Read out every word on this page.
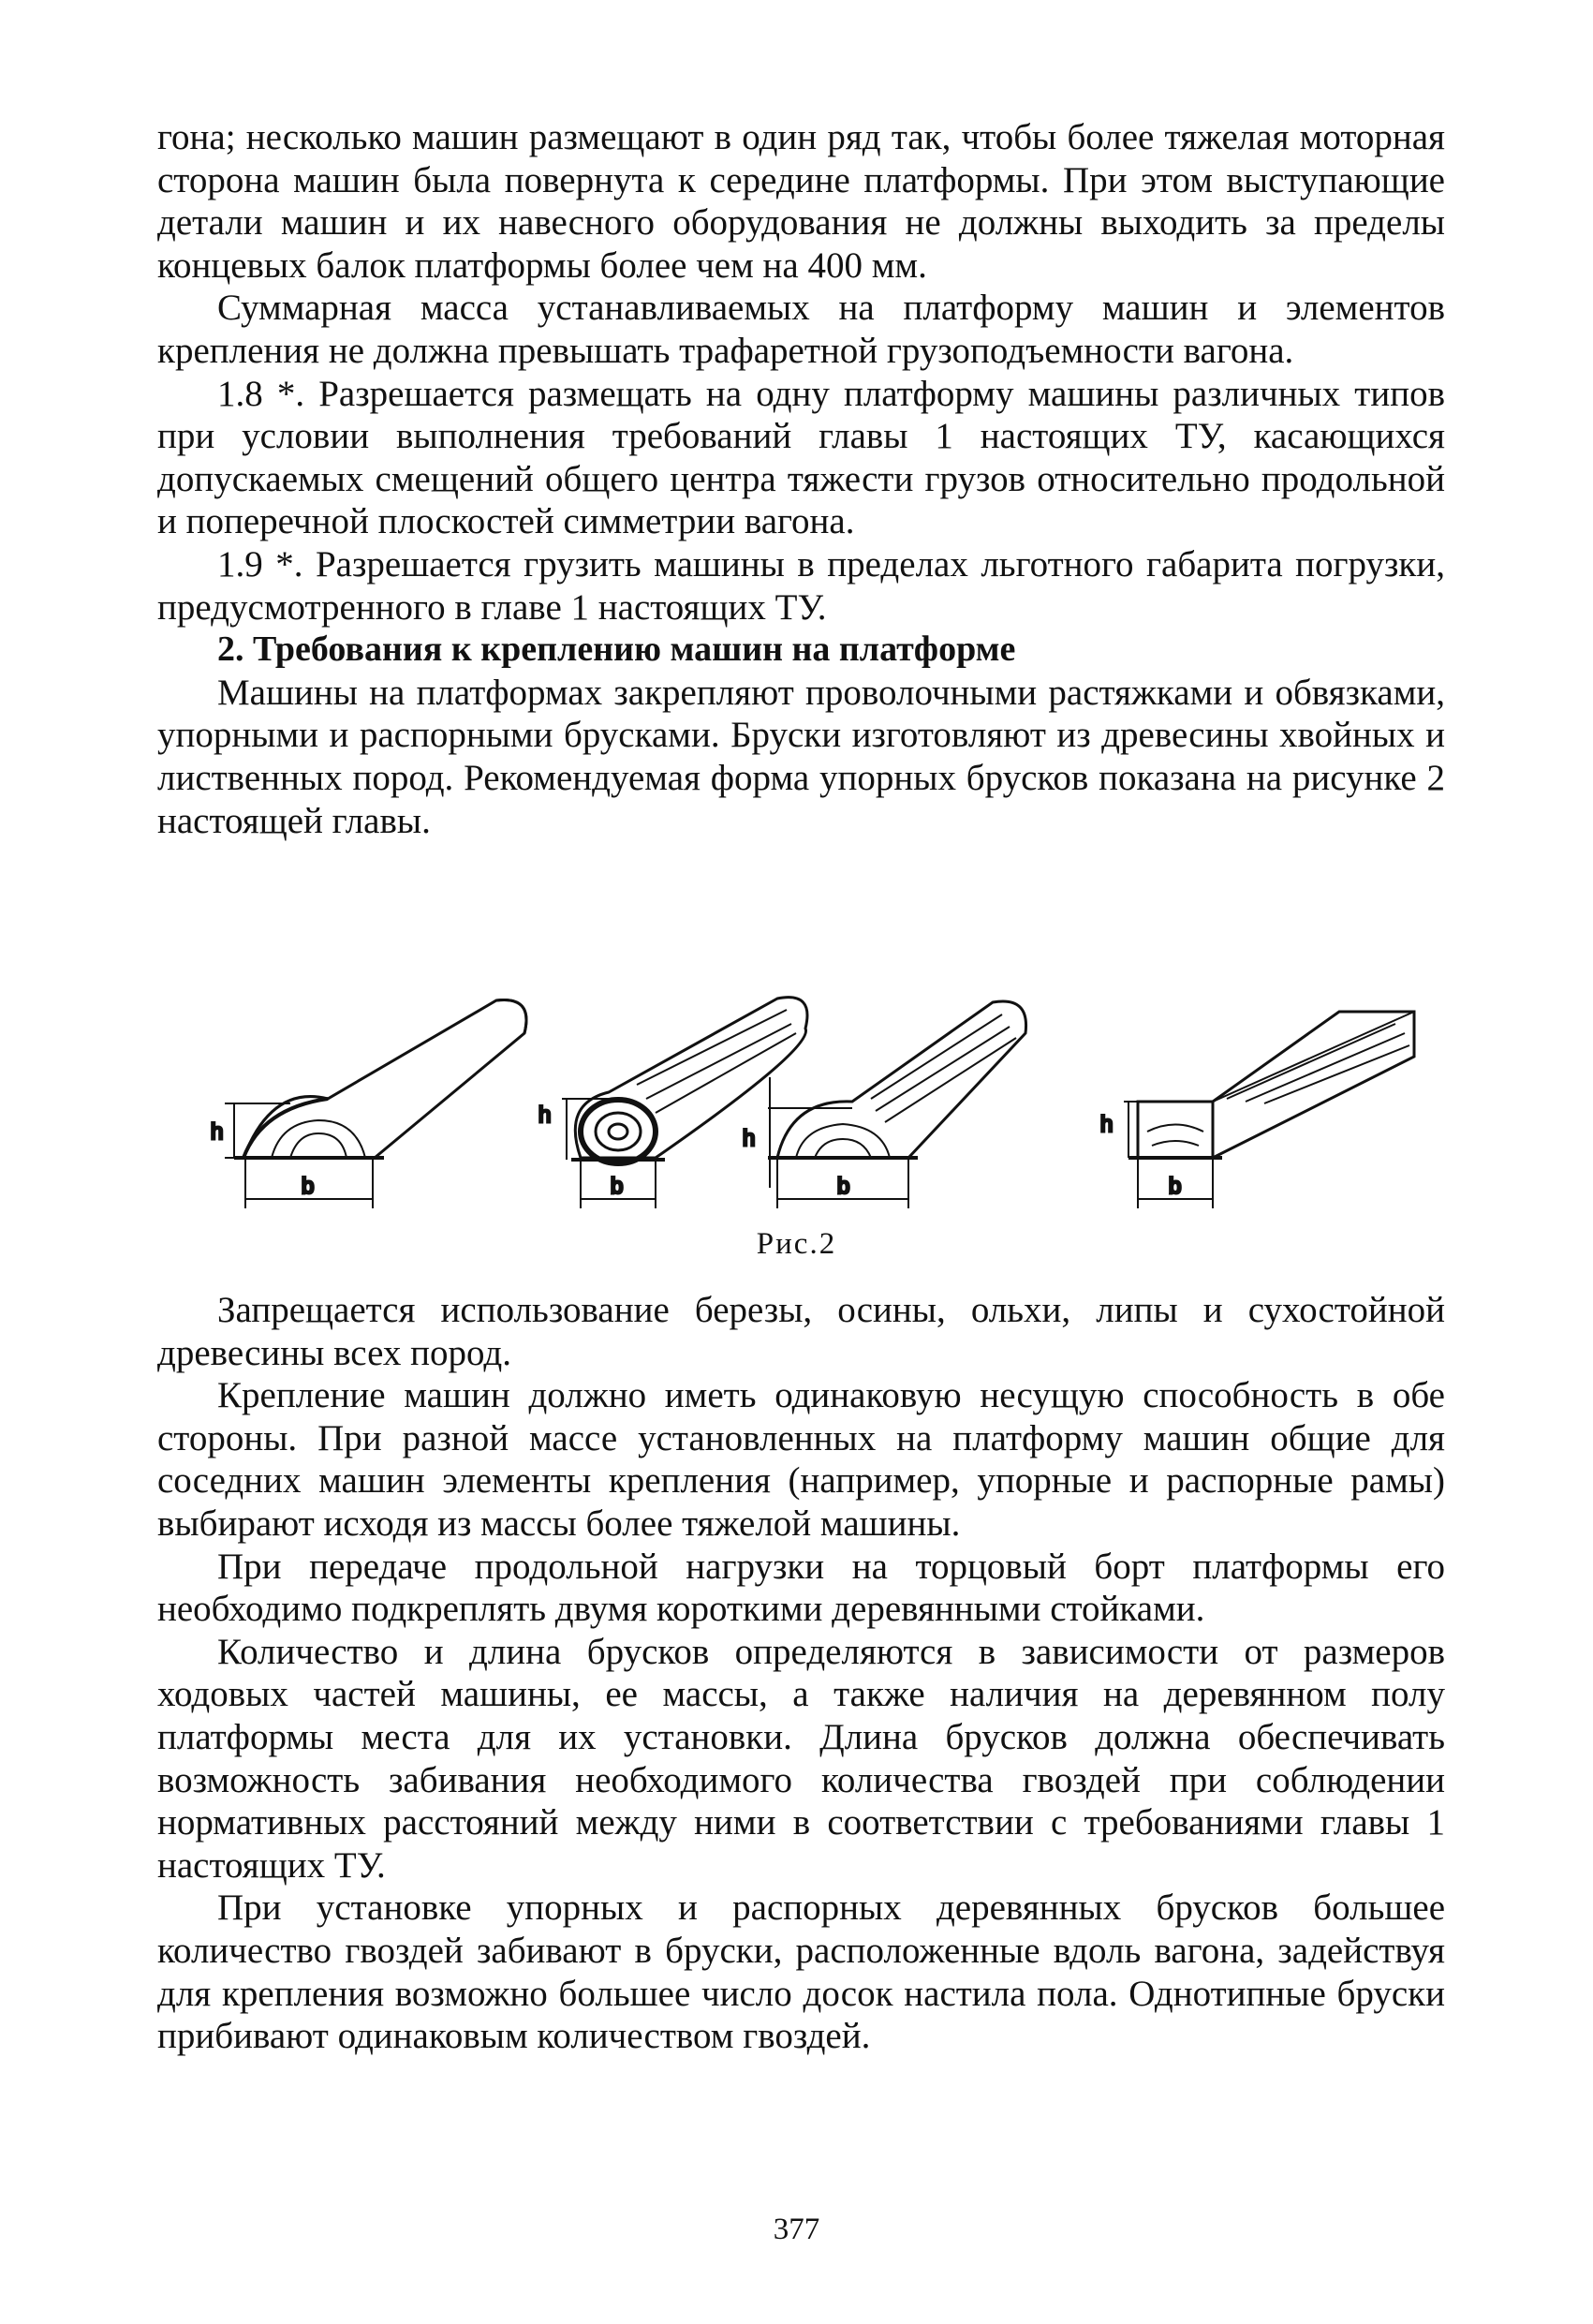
гона; несколько машин размещают в один ряд так, чтобы более тяжелая моторная сторона машин была повернута к середине платформы. При этом выступающие детали машин и их навесного оборудования не должны выходить за пределы концевых балок платформы более чем на 400 мм.

Суммарная масса устанавливаемых на платформу машин и элементов крепления не должна превышать трафаретной грузоподъемности вагона.

1.8 *. Разрешается размещать на одну платформу машины различных типов при условии выполнения требований главы 1 настоящих ТУ, касающихся допускаемых смещений общего центра тяжести грузов относительно продольной и поперечной плоскостей симметрии вагона.

1.9 *. Разрешается грузить машины в пределах льготного габарита погрузки, предусмотренного в главе 1 настоящих ТУ.

2. Требования к креплению машин на платформе

Машины на платформах закрепляют проволочными растяжками и обвязками, упорными и распорными брусками. Бруски изготовляют из древесины хвойных и лиственных пород. Рекомендуемая форма упорных брусков показана на рисунке 2 настоящей главы.

h
b
h
b
h
b
h
b
Рис.2

Запрещается использование березы, осины, ольхи, липы и сухостойной древесины всех пород.

Крепление машин должно иметь одинаковую несущую способность в обе стороны. При разной массе установленных на платформу машин общие для соседних машин элементы крепления (например, упорные и распорные рамы) выбирают исходя из массы более тяжелой машины.

При передаче продольной нагрузки на торцовый борт платформы его необходимо подкреплять двумя короткими деревянными стойками.

Количество и длина брусков определяются в зависимости от размеров ходовых частей машины, ее массы, а также наличия на деревянном полу платформы места для их установки. Длина брусков должна обеспечивать возможность забивания необходимого количества гвоздей при соблюдении нормативных расстояний между ними в соответствии с требованиями главы 1 настоящих ТУ.

При установке упорных и распорных деревянных брусков большее количество гвоздей забивают в бруски, расположенные вдоль вагона, задействуя для крепления возможно большее число досок настила пола. Однотипные бруски прибивают одинаковым количеством гвоздей.

377
